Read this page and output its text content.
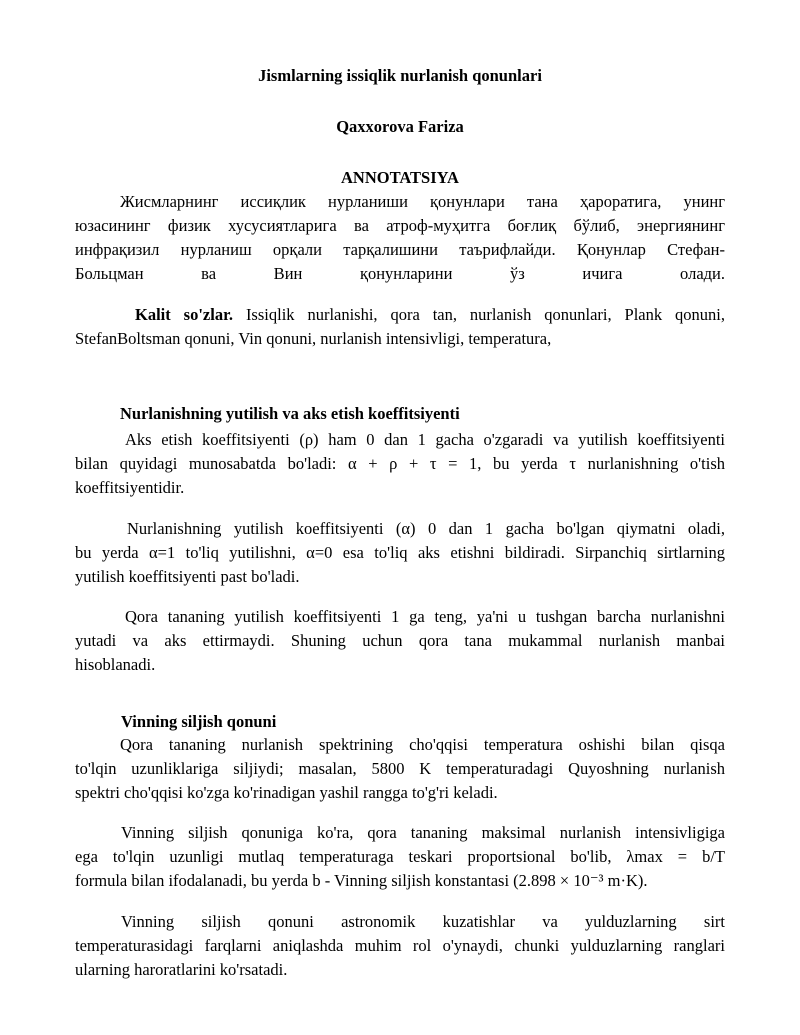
Jismlarning issiqlik nurlanish qonunlari
Qaxxorova Fariza
ANNOTATSIYA
Жисмларнинг иссиқлик нурланиши қонунлари тана ҳароратига, унинг
юзасининг физик хусусиятларига ва атроф-муҳитга боғлиқ бўлиб, энергиянинг
инфрақизил нурланиш орқали тарқалишини таърифлайди. Қонунлар Стефан-
Больцман ва Вин қонунларини ўз ичига олади.
Kalit so'zlar. Issiqlik nurlanishi, qora tan, nurlanish qonunlari, Plank qonuni,
StefanBoltsman qonuni, Vin qonuni, nurlanish intensivligi, temperatura,
Nurlanishning yutilish va aks etish koeffitsiyenti
Aks etish koeffitsiyenti (ρ) ham 0 dan 1 gacha o'zgaradi va yutilish koeffitsiyenti
bilan quyidagi munosabatda bo'ladi: α + ρ + τ = 1, bu yerda τ nurlanishning o'tish
koeffitsiyentidir.
Nurlanishning yutilish koeffitsiyenti (α) 0 dan 1 gacha bo'lgan qiymatni oladi,
bu yerda α=1 to'liq yutilishni, α=0 esa to'liq aks etishni bildiradi. Sirpanchiq sirtlarning
yutilish koeffitsiyenti past bo'ladi.
Qora tananing yutilish koeffitsiyenti 1 ga teng, ya'ni u tushgan barcha nurlanishni
yutadi va aks ettirmaydi. Shuning uchun qora tana mukammal nurlanish manbai
hisoblanadi.
Vinning siljish qonuni
Qora tananing nurlanish spektrining cho'qqisi temperatura oshishi bilan qisqa
to'lqin uzunliklariga siljiydi; masalan, 5800 K temperaturadagi Quyoshning nurlanish
spektri cho'qqisi ko'zga ko'rinadigan yashil rangga to'g'ri keladi.
Vinning siljish qonuniga ko'ra, qora tananing maksimal nurlanish intensivligiga
ega to'lqin uzunligi mutlaq temperaturaga teskari proportsional bo'lib, λmax = b/T
formula bilan ifodalanadi, bu yerda b - Vinning siljish konstantasi (2.898 × 10⁻³ m·K).
Vinning siljish qonuni astronomik kuzatishlar va yulduzlarning sirt
temperaturasidagi farqlarni aniqlashda muhim rol o'ynaydi, chunki yulduzlarning ranglari
ularning haroratlarini ko'rsatadi.
